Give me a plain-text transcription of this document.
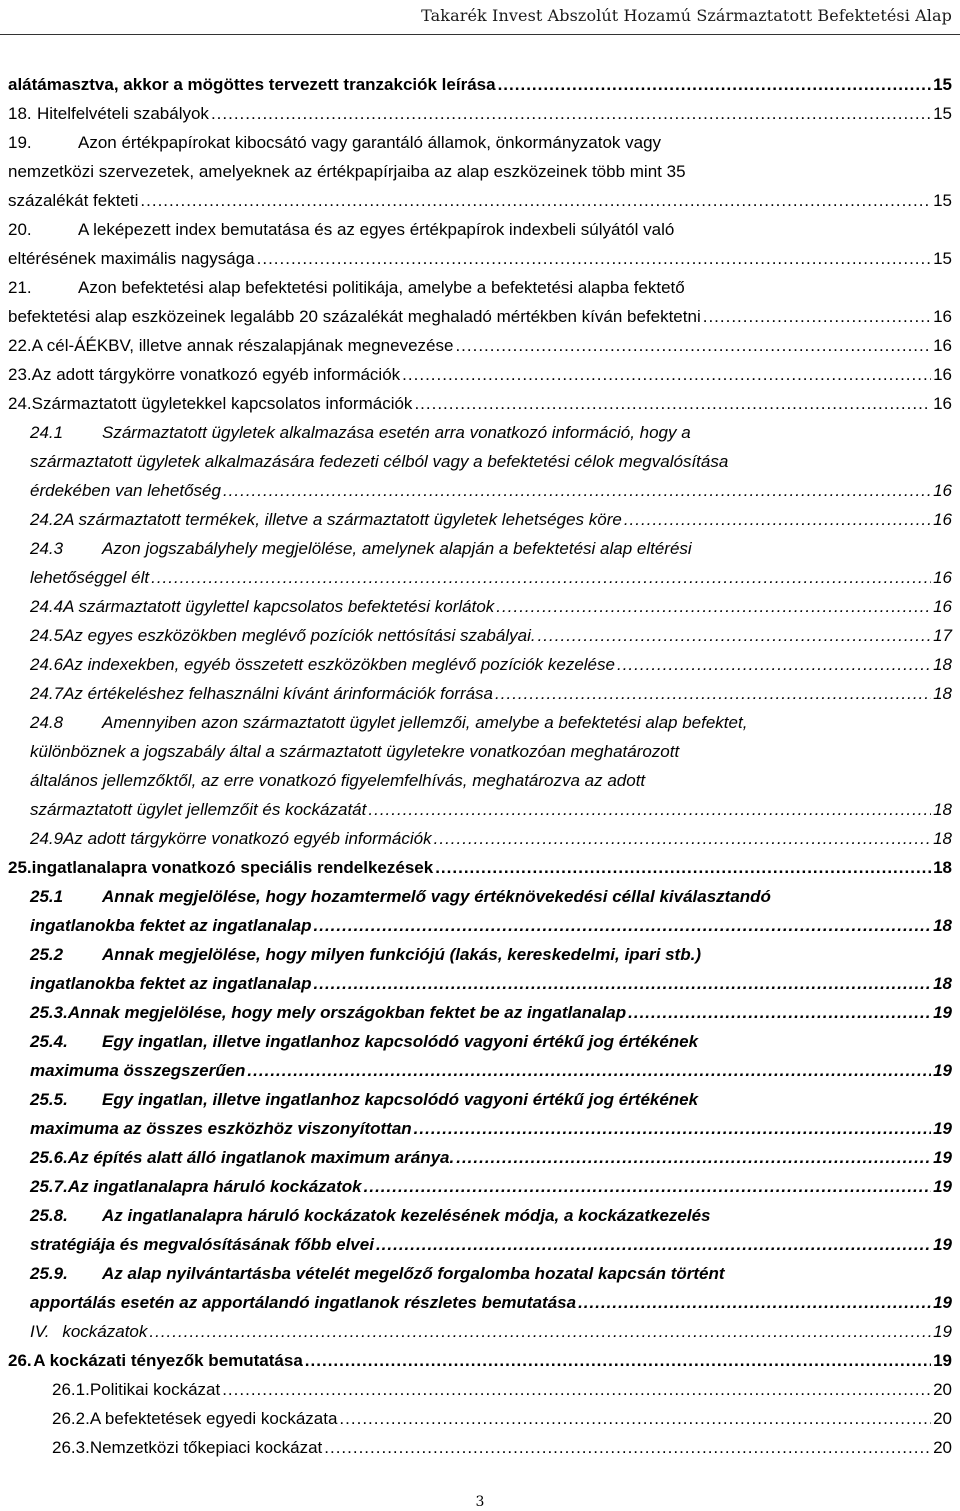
Takarék Invest Abszolút Hozamú Származtatott Befektetési Alap
alátámasztva, akkor a mögöttes tervezett tranzakciók leírása .....	15
18. Hitelfelvételi szabályok .....	15
19.	Azon értékpapírokat kibocsátó vagy garantáló államok, önkormányzatok vagy
nemzetközi szervezetek, amelyeknek az értékpapírjaiba az alap eszközeinek több mint 35
százalékát fekteti .....	15
20.	A leképezett index bemutatása és az egyes értékpapírok indexbeli súlyától való
eltérésének maximális nagysága .....	15
21.	Azon befektetési alap befektetési politikája, amelybe a befektetési alapba fektető
befektetési alap eszközeinek legalább 20 százalékát meghaladó mértékben kíván befektetni .....	16
22. A cél-ÁÉKBV, illetve annak részalapjának megnevezése .....	16
23. Az adott tárgykörre vonatkozó egyéb információk .....	16
24. Származtatott ügyletekkel kapcsolatos információk .....	16
24.1	Származtatott ügyletek alkalmazása esetén arra vonatkozó információ, hogy a
származtatott ügyletek alkalmazására fedezeti célból vagy a befektetési célok megvalósítása
érdekében van lehetőség .....	16
24.2 A származtatott termékek, illetve a származtatott ügyletek lehetséges köre .....	16
24.3	Azon jogszabályhely megjelölése, amelynek alapján a befektetési alap eltérési
lehetőséggel élt .....	16
24.4 A származtatott ügylettel kapcsolatos befektetési korlátok .....	16
24.5 Az egyes eszközökben meglévő pozíciók nettósítási szabályai. .....	17
24.6 Az indexekben, egyéb összetett eszközökben meglévő pozíciók kezelése .....	18
24.7 Az értékeléshez felhasználni kívánt árinformációk forrása .....	18
24.8	Amennyiben azon származtatott ügylet jellemzői, amelybe a befektetési alap befektet,
különböznek a jogszabály által a származtatott ügyletekre vonatkozóan meghatározott
általános jellemzőktől, az erre vonatkozó figyelemfelhívás, meghatározva az adott
származtatott ügylet jellemzőit és kockázatát .....	18
24.9 Az adott tárgykörre vonatkozó egyéb információk .....	18
25. ingatlanalapra vonatkozó speciális rendelkezések .....	18
25.1	Annak megjelölése, hogy hozamtermelő vagy értéknövekedési céllal kiválasztandó
ingatlanokba fektet az ingatlanalap .....	18
25.2	Annak megjelölése, hogy milyen funkciójú (lakás, kereskedelmi, ipari stb.)
ingatlanokba fektet az ingatlanalap .....	18
25.3. Annak megjelölése, hogy mely országokban fektet be az ingatlanalap .....	19
25.4.	Egy ingatlan, illetve ingatlanhoz kapcsolódó vagyoni értékű jog értékének
maximuma összegszerűen .....	19
25.5.	Egy ingatlan, illetve ingatlanhoz kapcsolódó vagyoni értékű jog értékének
maximuma az összes eszközhöz viszonyítottan .....	19
25.6. Az építés alatt álló ingatlanok maximum aránya. .....	19
25.7. Az ingatlanalapra háruló kockázatok .....	19
25.8.	Az ingatlanalapra háruló kockázatok kezelésének módja, a kockázatkezelés
stratégiája és megvalósításának főbb elvei .....	19
25.9.	Az alap nyilvántartásba vételét megelőző forgalomba hozatal kapcsán történt
apportálás esetén az apportálandó ingatlanok részletes bemutatása .....	19
IV. kockázatok .....	19
26. A kockázati tényezők bemutatása .....	19
26.1. Politikai kockázat .....	20
26.2. A befektetések egyedi kockázata .....	20
26.3. Nemzetközi tőkepiaci kockázat .....	20
3
